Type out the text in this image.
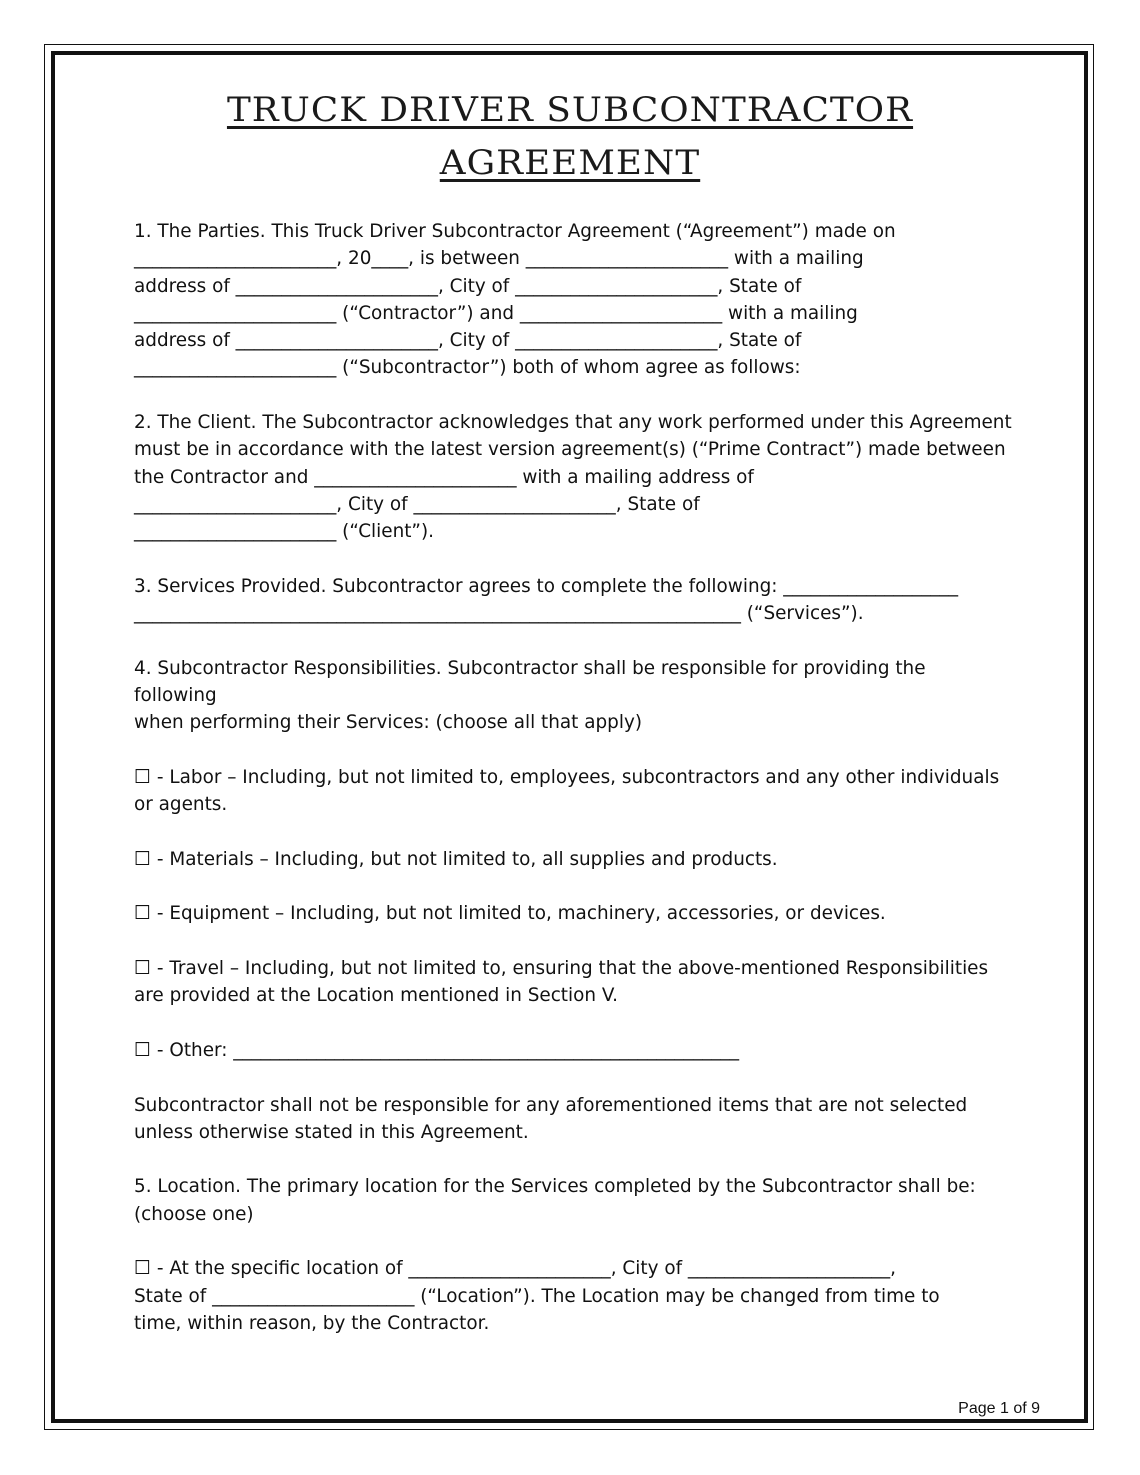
TRUCK DRIVER SUBCONTRACTOR
AGREEMENT

1. The Parties. This Truck Driver Subcontractor Agreement (“Agreement”) made on
______________________, 20____, is between ______________________ with a mailing
address of ______________________, City of ______________________, State of
______________________ (“Contractor”) and ______________________ with a mailing
address of ______________________, City of ______________________, State of
______________________ (“Subcontractor”) both of whom agree as follows:

2. The Client. The Subcontractor acknowledges that any work performed under this Agreement
must be in accordance with the latest version agreement(s) (“Prime Contract”) made between
the Contractor and ______________________ with a mailing address of
______________________, City of ______________________, State of
______________________ (“Client”).

3. Services Provided. Subcontractor agrees to complete the following: ___________________
__________________________________________________________________ (“Services”).

4. Subcontractor Responsibilities. Subcontractor shall be responsible for providing the following
when performing their Services: (choose all that apply)

☐ - Labor – Including, but not limited to, employees, subcontractors and any other individuals
or agents.

☐ - Materials – Including, but not limited to, all supplies and products.

☐ - Equipment – Including, but not limited to, machinery, accessories, or devices.

☐ - Travel – Including, but not limited to, ensuring that the above-mentioned Responsibilities
are provided at the Location mentioned in Section V.

☐ - Other: _______________________________________________________

Subcontractor shall not be responsible for any aforementioned items that are not selected
unless otherwise stated in this Agreement.

5. Location. The primary location for the Services completed by the Subcontractor shall be:
(choose one)

☐ - At the specific location of ______________________, City of ______________________,
State of ______________________ (“Location”). The Location may be changed from time to
time, within reason, by the Contractor.

Page 1 of 9
